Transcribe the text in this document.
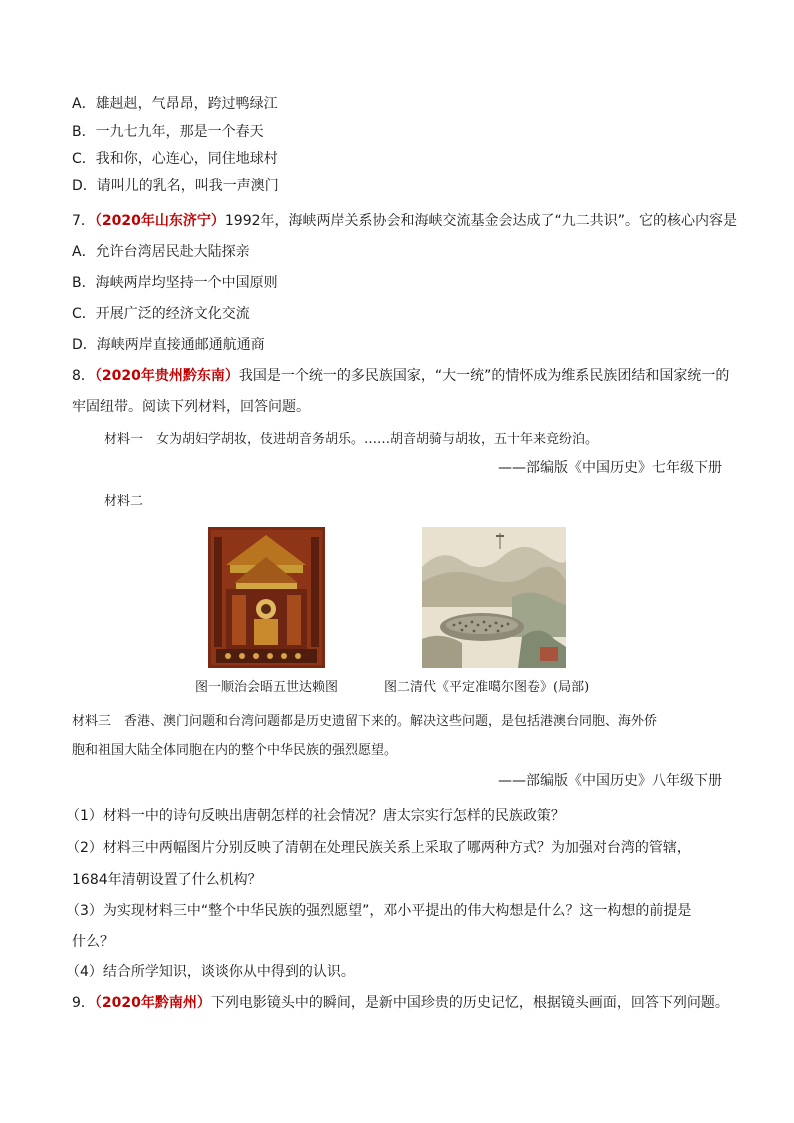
A．雄赳赳，气昂昂，跨过鸭绿江
B．一九七九年，那是一个春天
C．我和你，心连心，同住地球村
D．请叫儿的乳名，叫我一声澳门
7．（2020年山东济宁）1992年，海峡两岸关系协会和海峡交流基金会达成了“九二共识”。它的核心内容是
A．允许台湾居民赴大陆探亲
B．海峡两岸均坚持一个中国原则
C．开展广泛的经济文化交流
D．海峡两岸直接通邮通航通商
8．（2020年贵州黔东南）我国是一个统一的多民族国家，“大一统”的情怀成为维系民族团结和国家统一的
牢固纽带。阅读下列材料，回答问题。
材料一　女为胡妇学胡妆，伎进胡音务胡乐。……胡音胡骑与胡妆，五十年来竞纷泊。
——部编版《中国历史》七年级下册
材料二
图一顺治会晤五世达赖图	图二清代《平定准噶尔图卷》(局部)
材料三　香港、澳门问题和台湾问题都是历史遗留下来的。解决这些问题，是包括港澳台同胞、海外侨
胞和祖国大陆全体同胞在内的整个中华民族的强烈愿望。
——部编版《中国历史》八年级下册
（1）材料一中的诗句反映出唐朝怎样的社会情况？唐太宗实行怎样的民族政策？
（2）材料三中两幅图片分别反映了清朝在处理民族关系上采取了哪两种方式？为加强对台湾的管辖，
1684年清朝设置了什么机构？
（3）为实现材料三中“整个中华民族的强烈愿望”，邓小平提出的伟大构想是什么？这一构想的前提是
什么？
（4）结合所学知识，谈谈你从中得到的认识。
9．（2020年黔南州）下列电影镜头中的瞬间，是新中国珍贵的历史记忆，根据镜头画面，回答下列问题。
